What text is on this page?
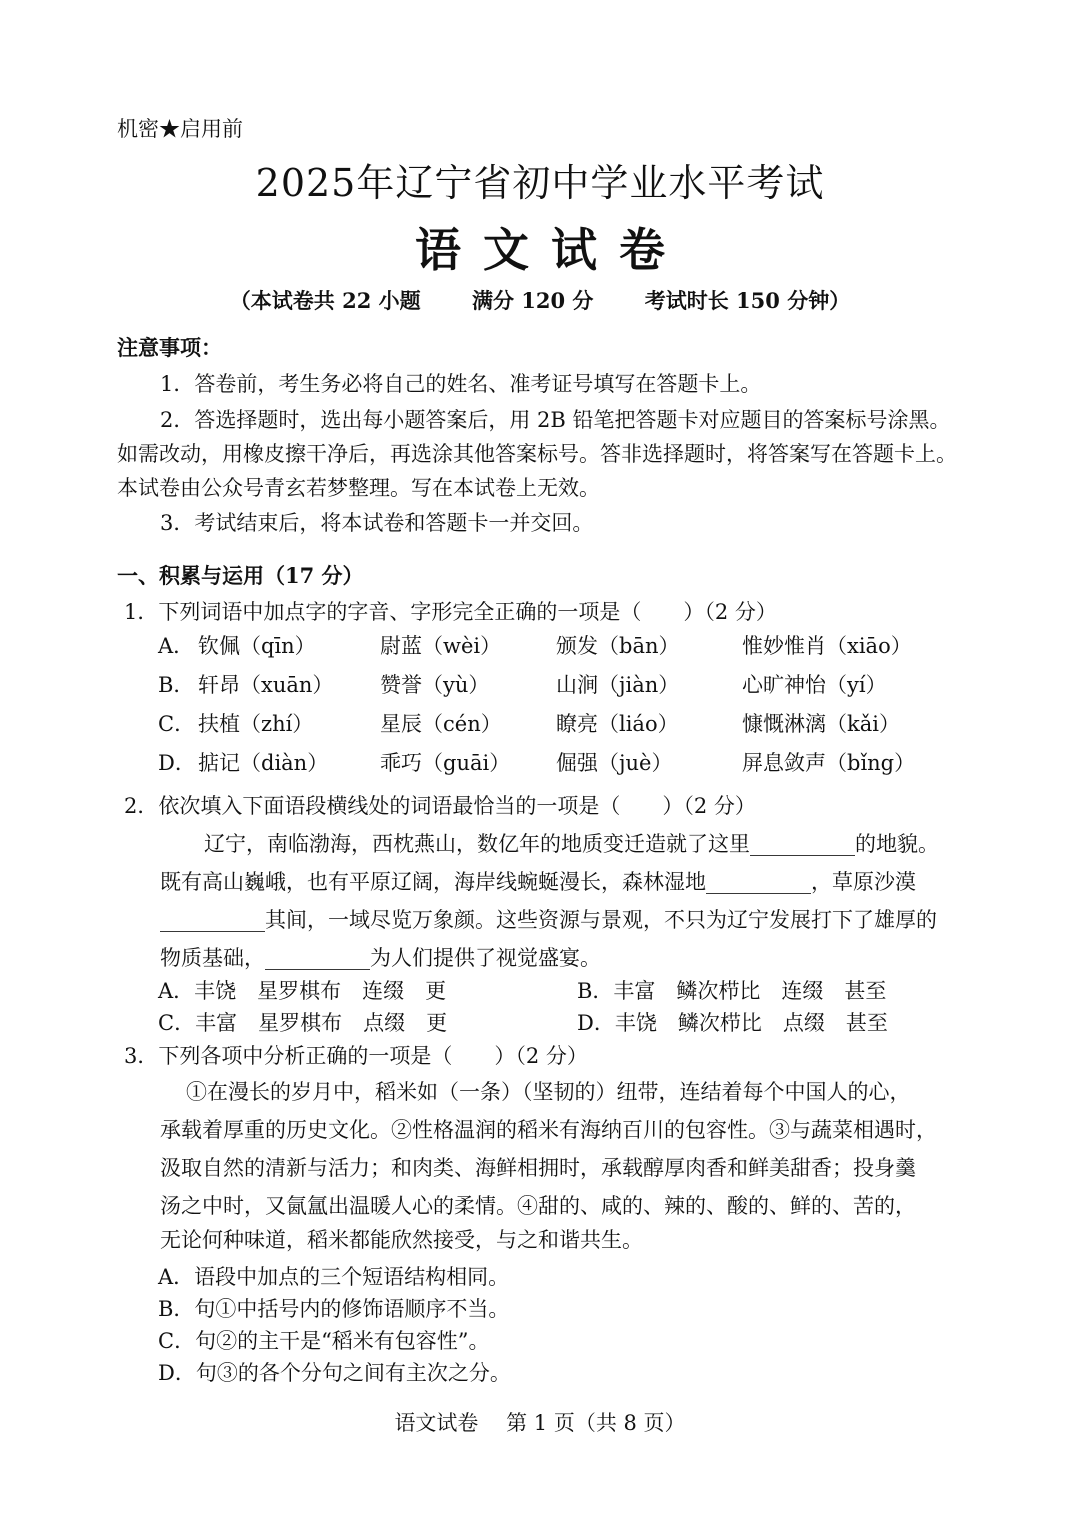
机密★启用前
2025年辽宁省初中学业水平考试
语文试卷
（本试卷共 22 小题 满分 120 分 考试时长 150 分钟）
注意事项：
1．答卷前，考生务必将自己的姓名、准考证号填写在答题卡上。
2．答选择题时，选出每小题答案后，用 2B 铅笔把答题卡对应题目的答案标号涂黑。
如需改动，用橡皮擦干净后，再选涂其他答案标号。答非选择题时，将答案写在答题卡上。
本试卷由公众号青玄若梦整理。写在本试卷上无效。
3．考试结束后，将本试卷和答题卡一并交回。
一、积累与运用（17 分）
1．下列词语中加点字的字音、字形完全正确的一项是（　　）（2 分）
A． 钦佩（qīn）	尉蓝（wèi）	颁发（bān）	惟妙惟肖（xiāo）
B． 轩昂（xuān） 赞誉（yù）	山涧（jiàn）	心旷神怡（yí）
C． 扶植（zhí）	星辰（cén）	瞭亮（liáo）	慷慨淋漓（kǎi）
D． 掂记（diàn） 乖巧（guāi） 倔强（juè）	屏息敛声（bǐng）
2．依次填入下面语段横线处的词语最恰当的一项是（　　）（2 分）
辽宁，南临渤海，西枕燕山，数亿年的地质变迁造就了这里__________的地貌。
既有高山巍峨，也有平原辽阔，海岸线蜿蜒漫长，森林湿地__________，草原沙漠
__________其间，一域尽览万象颜。这些资源与景观，不只为辽宁发展打下了雄厚的
物质基础，__________为人们提供了视觉盛宴。
A．丰饶　星罗棋布　连缀　更	B．丰富　鳞次栉比　连缀　甚至
C．丰富　星罗棋布　点缀　更	D．丰饶　鳞次栉比　点缀　甚至
3．下列各项中分析正确的一项是（　　）（2 分）
①在漫长的岁月中，稻米如（一条）（坚韧的）纽带，连结着每个中国人的心，
承载着厚重的历史文化。②性格温润的稻米有海纳百川的包容性。③与蔬菜相遇时，
汲取自然的清新与活力；和肉类、海鲜相拥时，承载醇厚肉香和鲜美甜香；投身羹
汤之中时，又氤氲出温暖人心的柔情。④甜的、咸的、辣的、酸的、鲜的、苦的，
无论何种味道，稻米都能欣然接受，与之和谐共生。
A．语段中加点的三个短语结构相同。
B．句①中括号内的修饰语顺序不当。
C．句②的主干是“稻米有包容性”。
D．句③的各个分句之间有主次之分。
语文试卷　 第 1 页（共 8 页）
